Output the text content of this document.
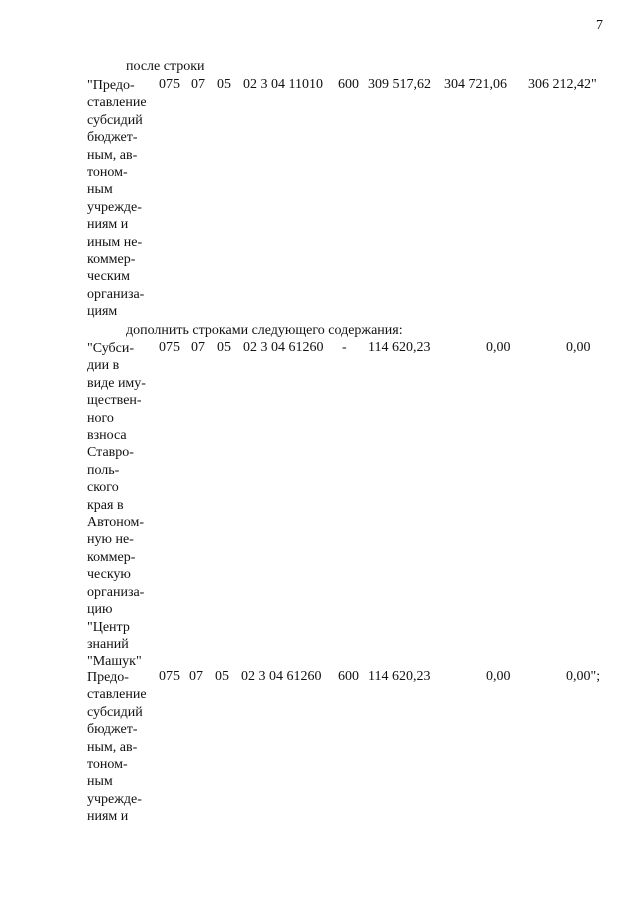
7
после строки
"Предо-
ставление
субсидий
бюджет-
ным, ав-
тоном-
ным
учрежде-
ниям и
иным не-
коммер-
ческим
организа-
циям
075 07 05 02 3 04 11010 600 309 517,62 304 721,06 306 212,42"
дополнить строками следующего содержания:
"Субси-
дии в
виде иму-
ществен-
ного
взноса
Ставро-
поль-
ского
края в
Автоном-
ную не-
коммер-
ческую
организа-
цию
"Центр
знаний
"Машук"
075 07 05 02 3 04 61260 - 114 620,23	0,00	0,00
Предо-
ставление
субсидий
бюджет-
ным, ав-
тоном-
ным
учрежде-
ниям и
075 07 05 02 3 04 61260 600 114 620,23	0,00	0,00";
